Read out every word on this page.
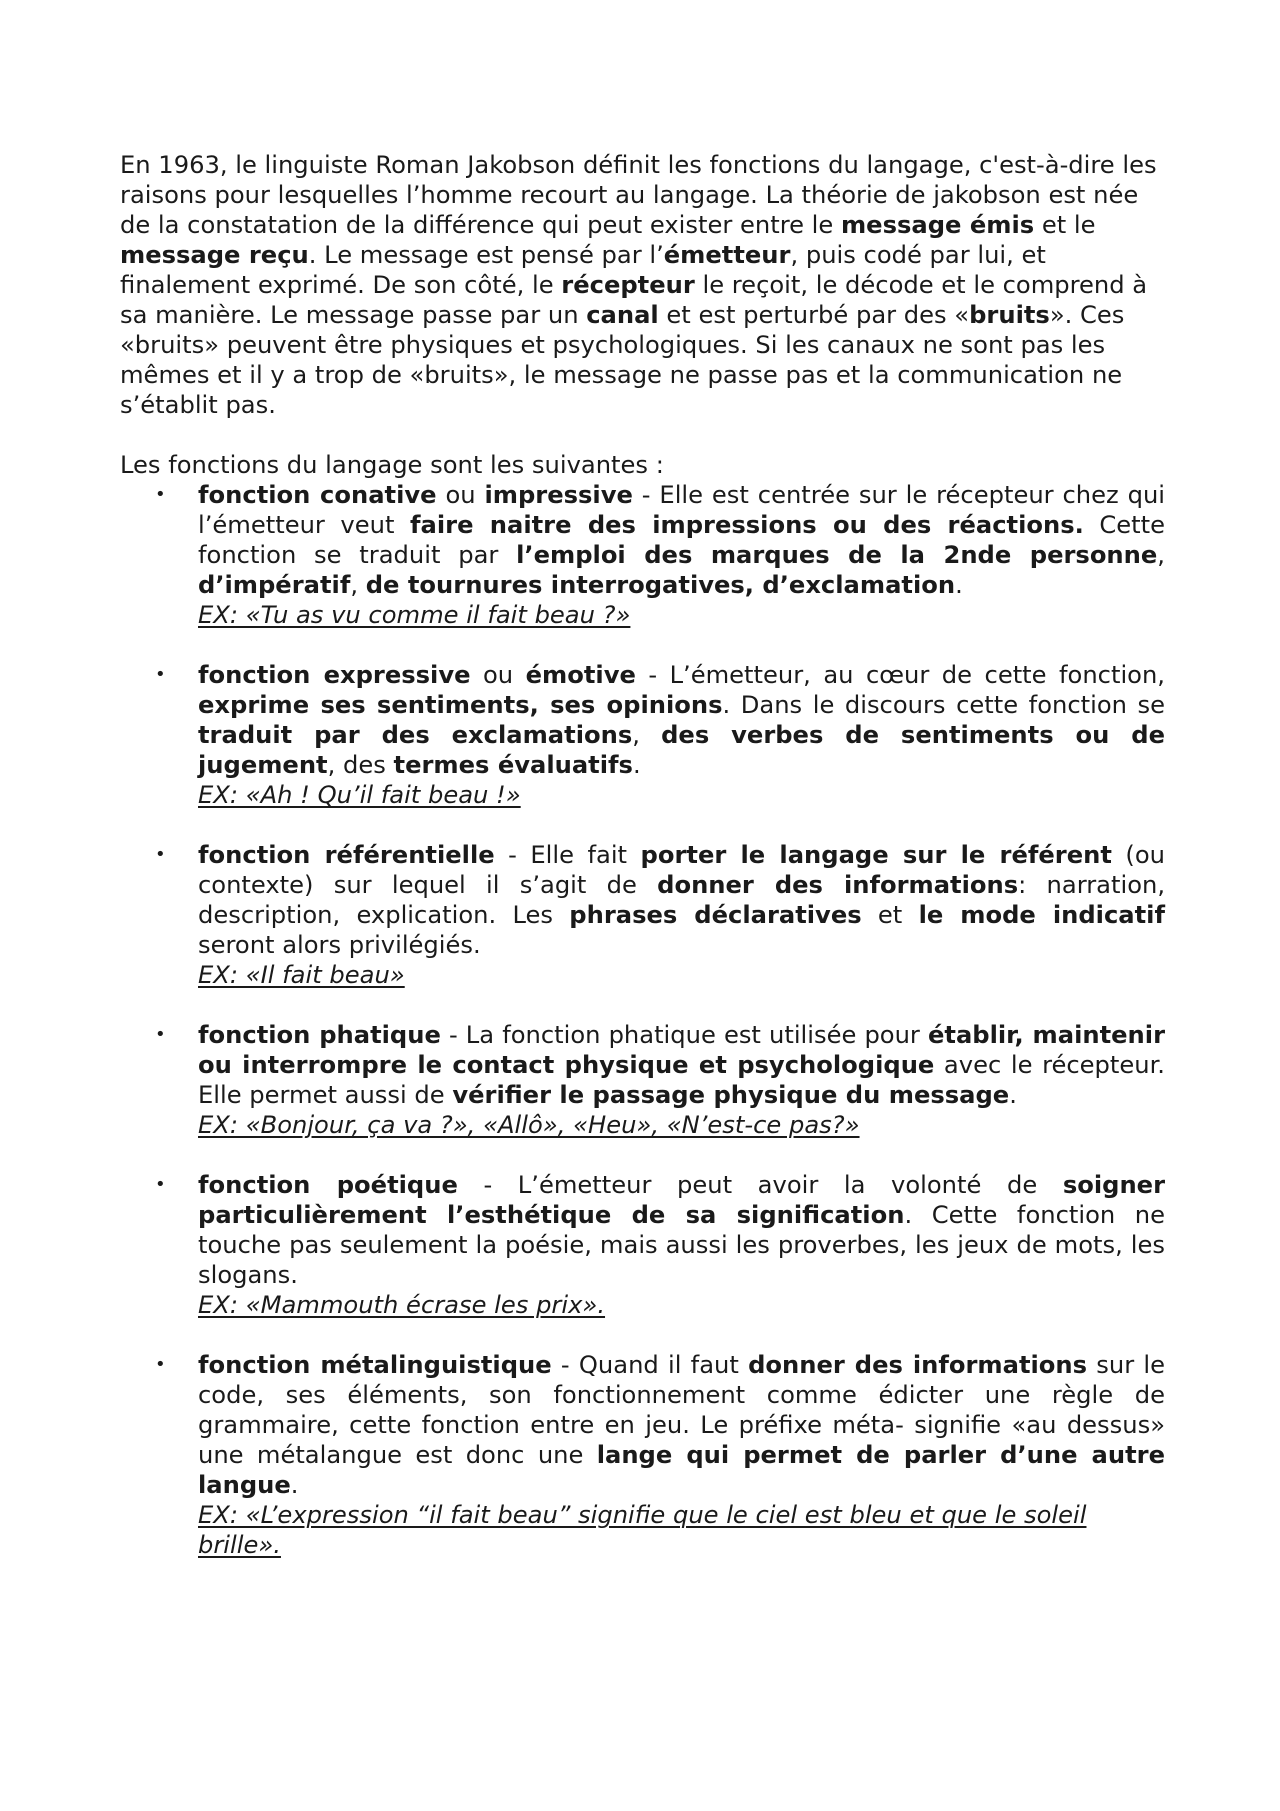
En 1963, le linguiste Roman Jakobson définit les fonctions du langage, c'est-à-dire les raisons pour lesquelles l’homme recourt au langage. La théorie de jakobson est née de la constatation de la différence qui peut exister entre le message émis et le message reçu. Le message est pensé par l’émetteur, puis codé par lui, et finalement exprimé. De son côté, le récepteur le reçoit, le décode et le comprend à sa manière. Le message passe par un canal et est perturbé par des «bruits». Ces «bruits» peuvent être physiques et psychologiques. Si les canaux ne sont pas les mêmes et il y a trop de «bruits», le message ne passe pas et la communication ne s’établit pas.

Les fonctions du langage sont les suivantes :

• fonction conative ou impressive - Elle est centrée sur le récepteur chez qui l’émetteur veut faire naitre des impressions ou des réactions. Cette fonction se traduit par l’emploi des marques de la 2nde personne, d’impératif, de tournures interrogatives, d’exclamation.
EX: «Tu as vu comme il fait beau ?»
• fonction expressive ou émotive - L’émetteur, au cœur de cette fonction, exprime ses sentiments, ses opinions. Dans le discours cette fonction se traduit par des exclamations, des verbes de sentiments ou de jugement, des termes évaluatifs.
EX: «Ah ! Qu’il fait beau !»
• fonction référentielle - Elle fait porter le langage sur le référent (ou contexte) sur lequel il s’agit de donner des informations: narration, description, explication. Les phrases déclaratives et le mode indicatif seront alors privilégiés.
EX: «Il fait beau»
• fonction phatique - La fonction phatique est utilisée pour établir, maintenir ou interrompre le contact physique et psychologique avec le récepteur. Elle permet aussi de vérifier le passage physique du message.
EX: «Bonjour, ça va ?», «Allô», «Heu», «N’est-ce pas?»
• fonction poétique - L’émetteur peut avoir la volonté de soigner particulièrement l’esthétique de sa signification. Cette fonction ne touche pas seulement la poésie, mais aussi les proverbes, les jeux de mots, les slogans.
EX: «Mammouth écrase les prix».
• fonction métalinguistique - Quand il faut donner des informations sur le code, ses éléments, son fonctionnement comme édicter une règle de grammaire, cette fonction entre en jeu. Le préfixe méta- signifie «au dessus» une métalangue est donc une lange qui permet de parler d’une autre langue.
EX: «L’expression “il fait beau” signifie que le ciel est bleu et que le soleil brille».
